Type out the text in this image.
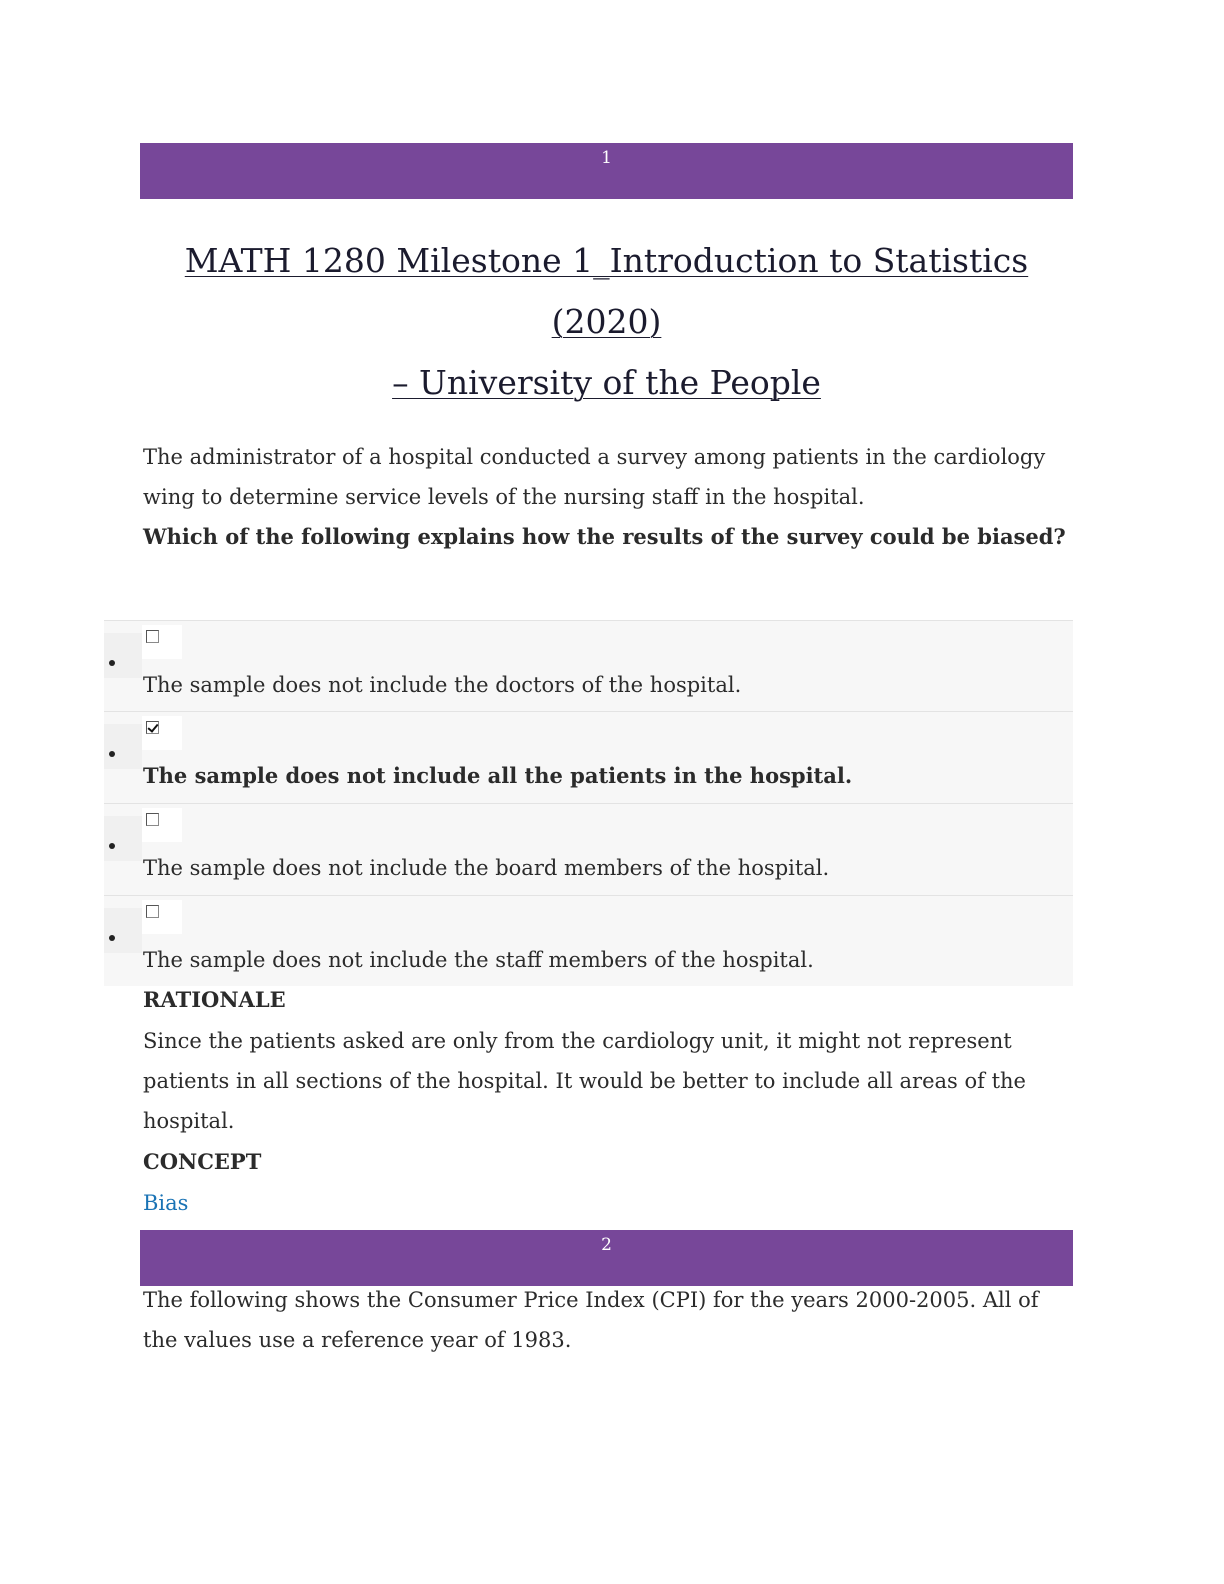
1
MATH 1280 Milestone 1_Introduction to Statistics (2020)
– University of the People

The administrator of a hospital conducted a survey among patients in the cardiology wing to determine service levels of the nursing staff in the hospital.

Which of the following explains how the results of the survey could be biased?

The sample does not include the doctors of the hospital.
The sample does not include all the patients in the hospital.
The sample does not include the board members of the hospital.
The sample does not include the staff members of the hospital.

RATIONALE

Since the patients asked are only from the cardiology unit, it might not represent patients in all sections of the hospital. It would be better to include all areas of the hospital.

CONCEPT

Bias
2

The following shows the Consumer Price Index (CPI) for the years 2000-2005. All of the values use a reference year of 1983.
